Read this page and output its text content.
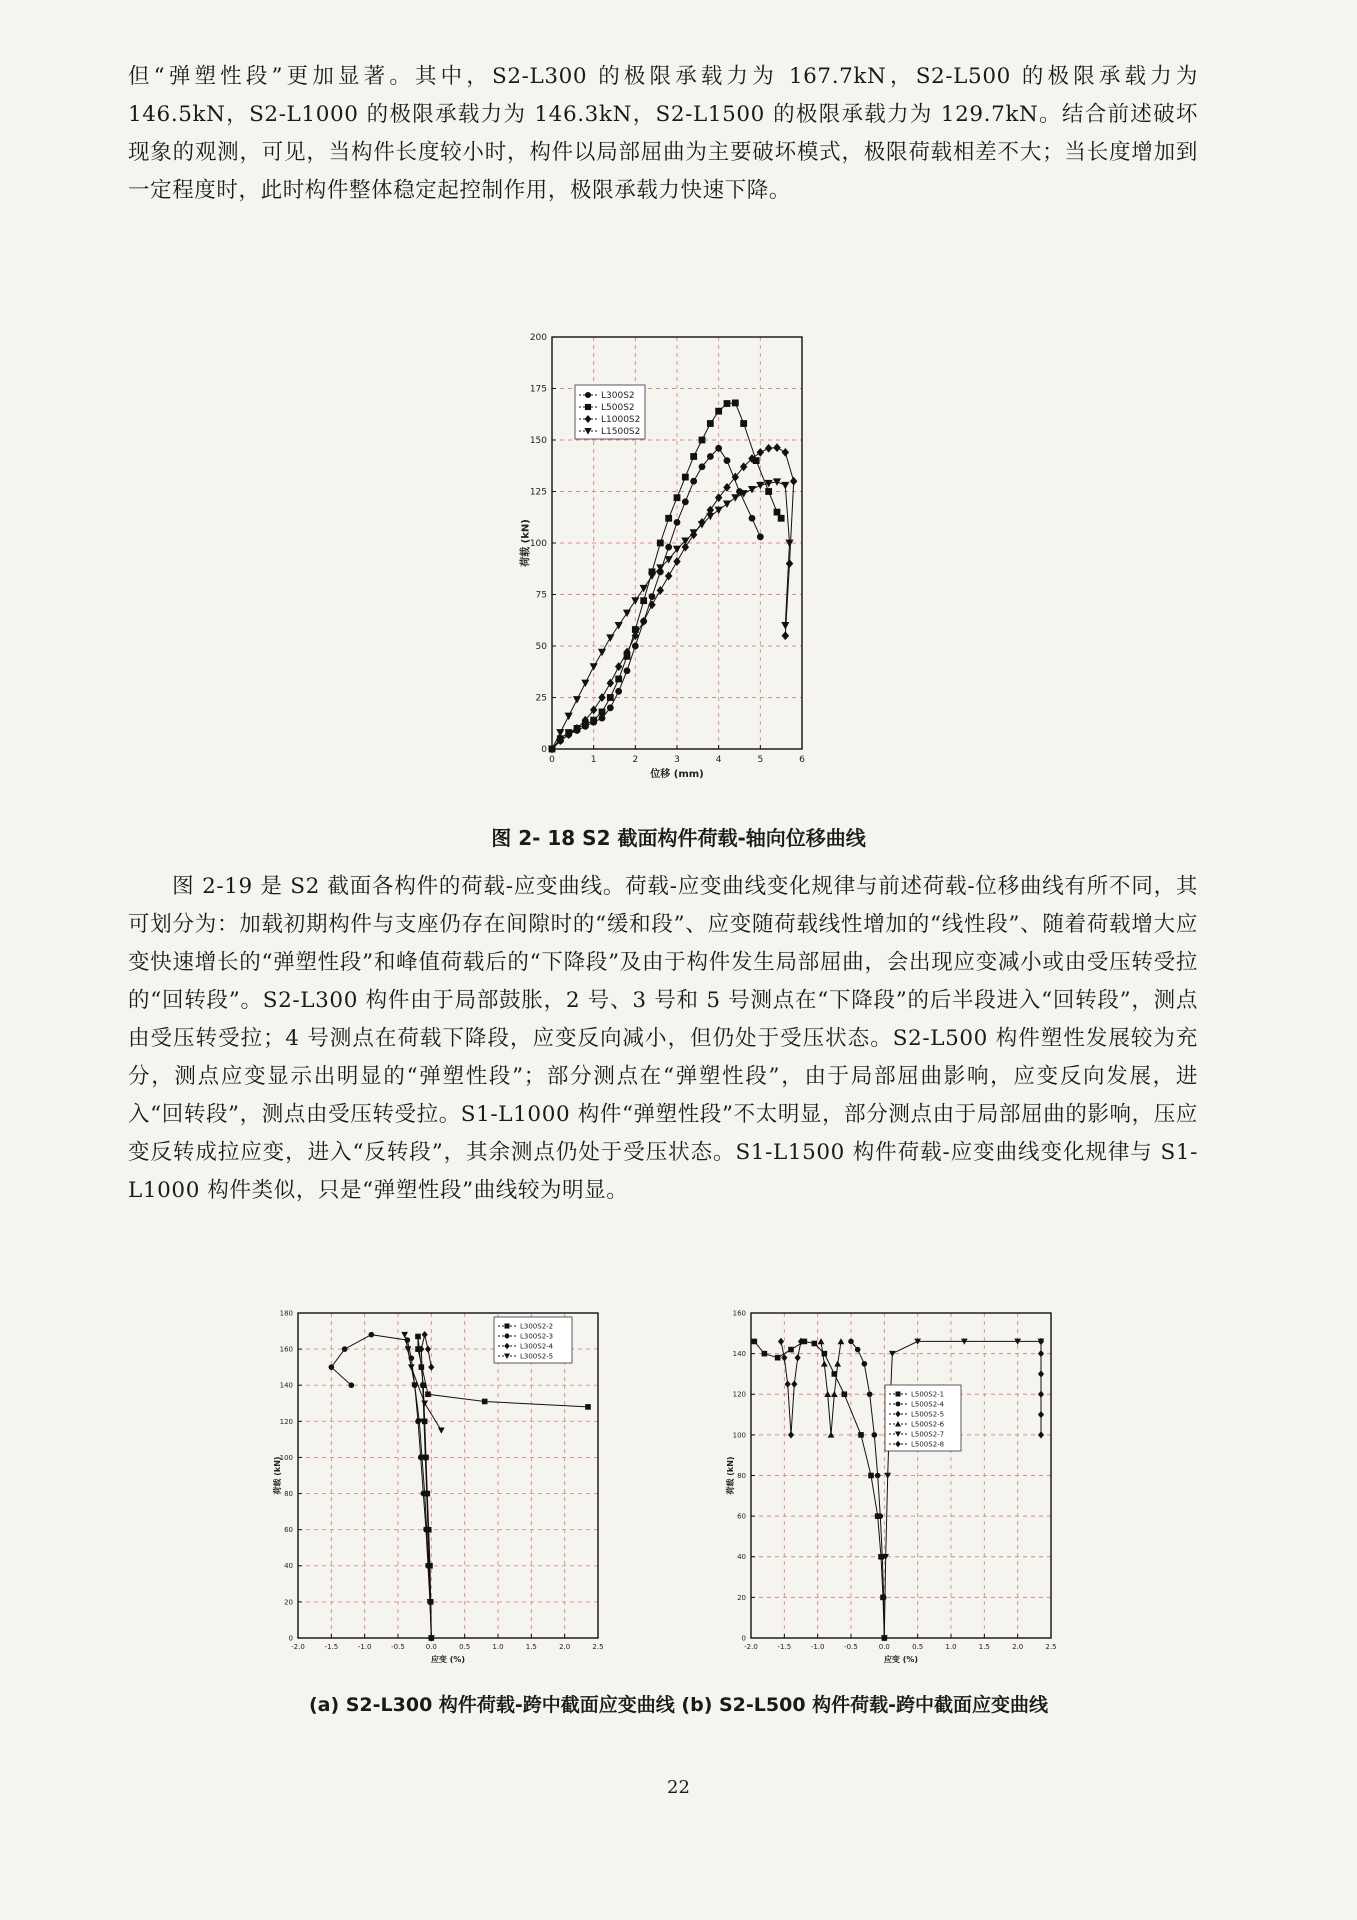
但“弹塑性段”更加显著。其中，S2-L300 的极限承载力为 167.7kN，S2-L500 的极限承载力为 146.5kN，S2-L1000 的极限承载力为 146.3kN，S2-L1500 的极限承载力为 129.7kN。结合前述破坏现象的观测，可见，当构件长度较小时，构件以局部屈曲为主要破坏模式，极限荷载相差不大；当长度增加到一定程度时，此时构件整体稳定起控制作用，极限承载力快速下降。

0	1	2	3	4	5	6
0
25
50
75
100
125
150
175
200
位移 (mm)
荷载 (kN)
L300S2
L500S2
L1000S2
L1500S2
图 2- 18 S2 截面构件荷载-轴向位移曲线

图 2-19 是 S2 截面各构件的荷载-应变曲线。荷载-应变曲线变化规律与前述荷载-位移曲线有所不同，其可划分为：加载初期构件与支座仍存在间隙时的“缓和段”、应变随荷载线性增加的“线性段”、随着荷载增大应变快速增长的“弹塑性段”和峰值荷载后的“下降段”及由于构件发生局部屈曲，会出现应变减小或由受压转受拉的“回转段”。S2-L300 构件由于局部鼓胀，2 号、3 号和 5 号测点在“下降段”的后半段进入“回转段”，测点由受压转受拉；4 号测点在荷载下降段，应变反向减小，但仍处于受压状态。S2-L500 构件塑性发展较为充分，测点应变显示出明显的“弹塑性段”；部分测点在“弹塑性段”，由于局部屈曲影响，应变反向发展，进入“回转段”，测点由受压转受拉。S1-L1000 构件“弹塑性段”不太明显，部分测点由于局部屈曲的影响，压应变反转成拉应变，进入“反转段”，其余测点仍处于受压状态。S1-L1500 构件荷载-应变曲线变化规律与 S1-L1000 构件类似，只是“弹塑性段”曲线较为明显。

-2.0	-1.5	-1.0	-0.5	0.0	0.5	1.0	1.5	2.0	2.5
0
20
40
60
80
100
120
140
160
180
应变 (%)
荷载 (kN)
L300S2-2
L300S2-3
L300S2-4
L300S2-5
-2.0	-1.5	-1.0	-0.5	0.0	0.5	1.0	1.5	2.0	2.5
0
20
40
60
80
100
120
140
160
应变 (%)
荷载 (kN)
L500S2-1
L500S2-4
L500S2-5
L500S2-6
L500S2-7
L500S2-8
(a) S2-L300 构件荷载-跨中截面应变曲线 (b) S2-L500 构件荷载-跨中截面应变曲线
22
